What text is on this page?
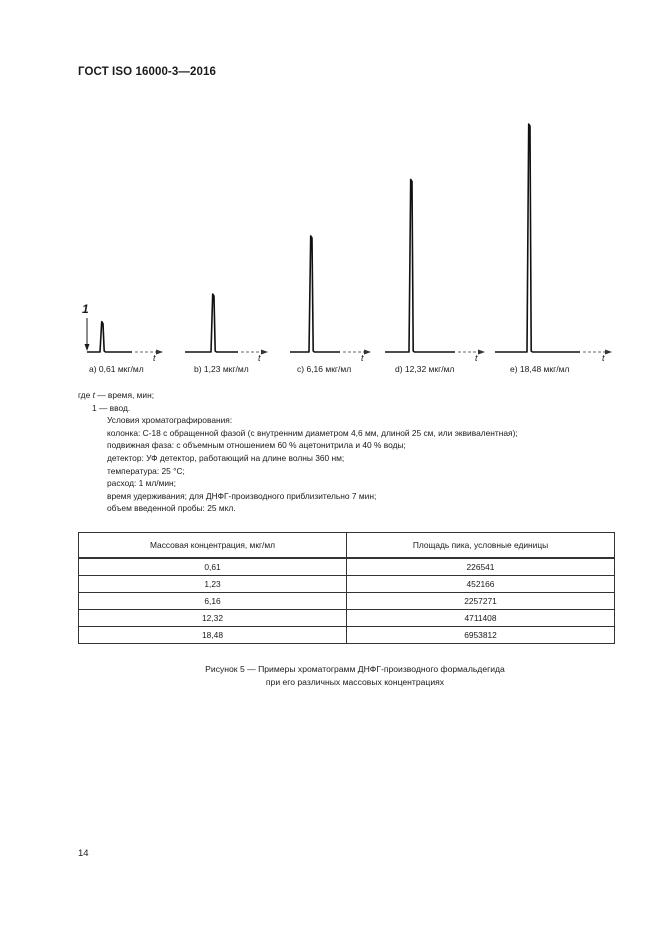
ГОСТ ISO 16000-3—2016
1
t
a) 0,61 мкг/мл
t
b) 1,23 мкг/мл
t
c) 6,16 мкг/мл
t
d) 12,32 мкг/мл
t
e) 18,48 мкг/мл
где t — время, мин;
1 — ввод.
Условия хроматографирования:
колонка: С-18 с обращенной фазой (с внутренним диаметром 4,6 мм, длиной 25 см, или эквивалентная);
подвижная фаза: с объемным отношением 60 % ацетонитрила и 40 % воды;
детектор: УФ детектор, работающий на длине волны 360 нм;
температура: 25 °С;
расход: 1 мл/мин;
время удерживания; для ДНФГ-производного приблизительно 7 мин;
объем введенной пробы: 25 мкл.
Массовая концентрация, мкг/мл	Площадь пика, условные единицы
0,61	226541
1,23	452166
6,16	2257271
12,32	4711408
18,48	6953812
Рисунок 5 — Примеры хроматограмм ДНФГ-производного формальдегида
при его различных массовых концентрациях
14
